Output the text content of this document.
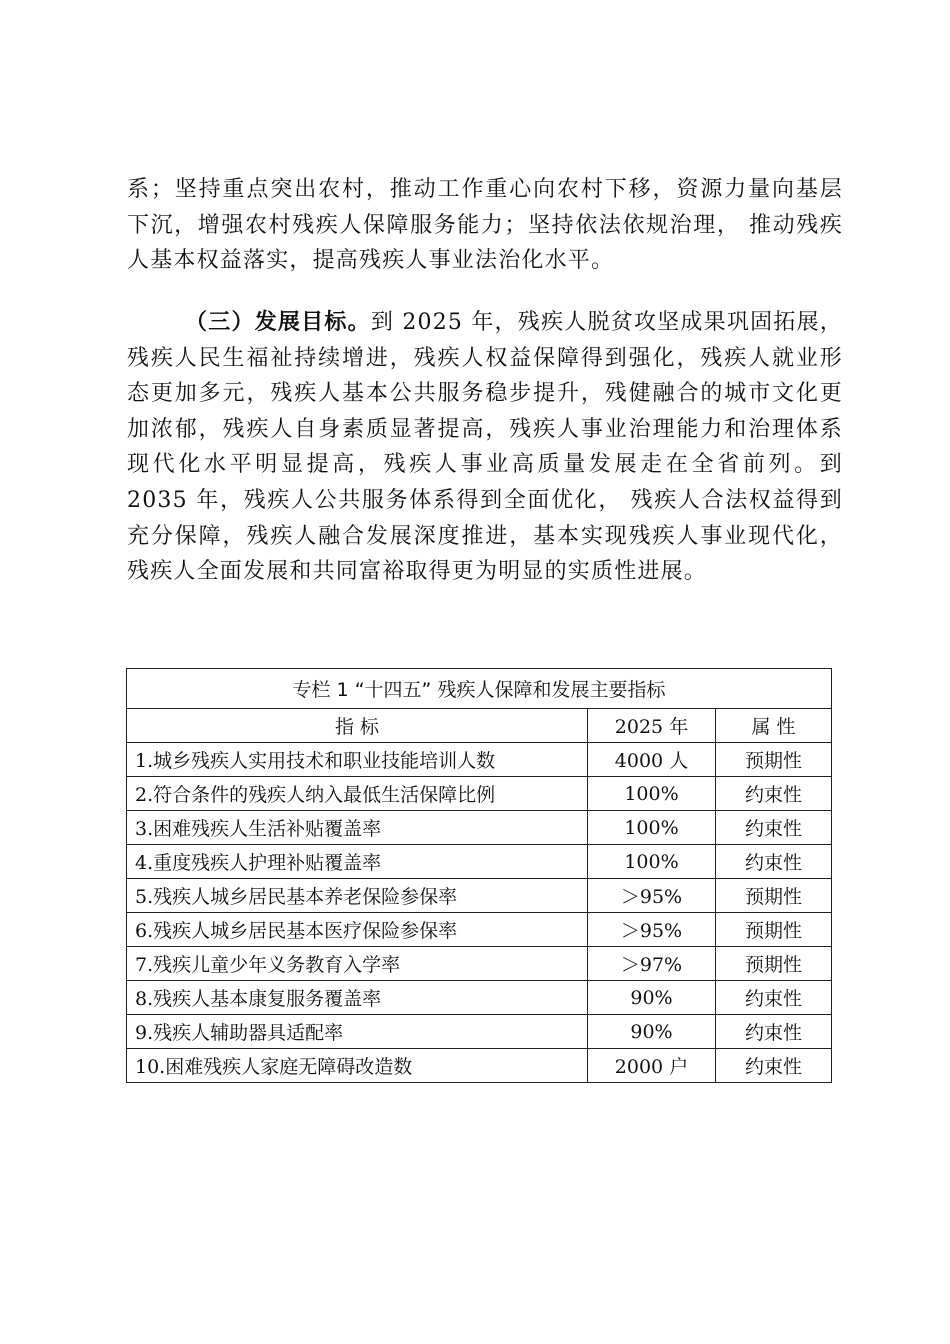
系；坚持重点突出农村，推动工作重心向农村下移，资源力量向基层下沉，增强农村残疾人保障服务能力；坚持依法依规治理， 推动残疾人基本权益落实，提高残疾人事业法治化水平。

（三）发展目标。到 2025 年，残疾人脱贫攻坚成果巩固拓展，残疾人民生福祉持续增进，残疾人权益保障得到强化，残疾人就业形态更加多元，残疾人基本公共服务稳步提升，残健融合的城市文化更加浓郁，残疾人自身素质显著提高，残疾人事业治理能力和治理体系现代化水平明显提高，残疾人事业高质量发展走在全省前列。到 2035 年，残疾人公共服务体系得到全面优化， 残疾人合法权益得到充分保障，残疾人融合发展深度推进，基本实现残疾人事业现代化，残疾人全面发展和共同富裕取得更为明显的实质性进展。

专栏 1 “十四五” 残疾人保障和发展主要指标		
指 标	2025 年	属 性
1.城乡残疾人实用技术和职业技能培训人数	4000 人	预期性
2.符合条件的残疾人纳入最低生活保障比例	100%	约束性
3.困难残疾人生活补贴覆盖率	100%	约束性
4.重度残疾人护理补贴覆盖率	100%	约束性
5.残疾人城乡居民基本养老保险参保率	＞95%	预期性
6.残疾人城乡居民基本医疗保险参保率	＞95%	预期性
7.残疾儿童少年义务教育入学率	＞97%	预期性
8.残疾人基本康复服务覆盖率	90%	约束性
9.残疾人辅助器具适配率	90%	约束性
10.困难残疾人家庭无障碍改造数	2000 户	约束性
